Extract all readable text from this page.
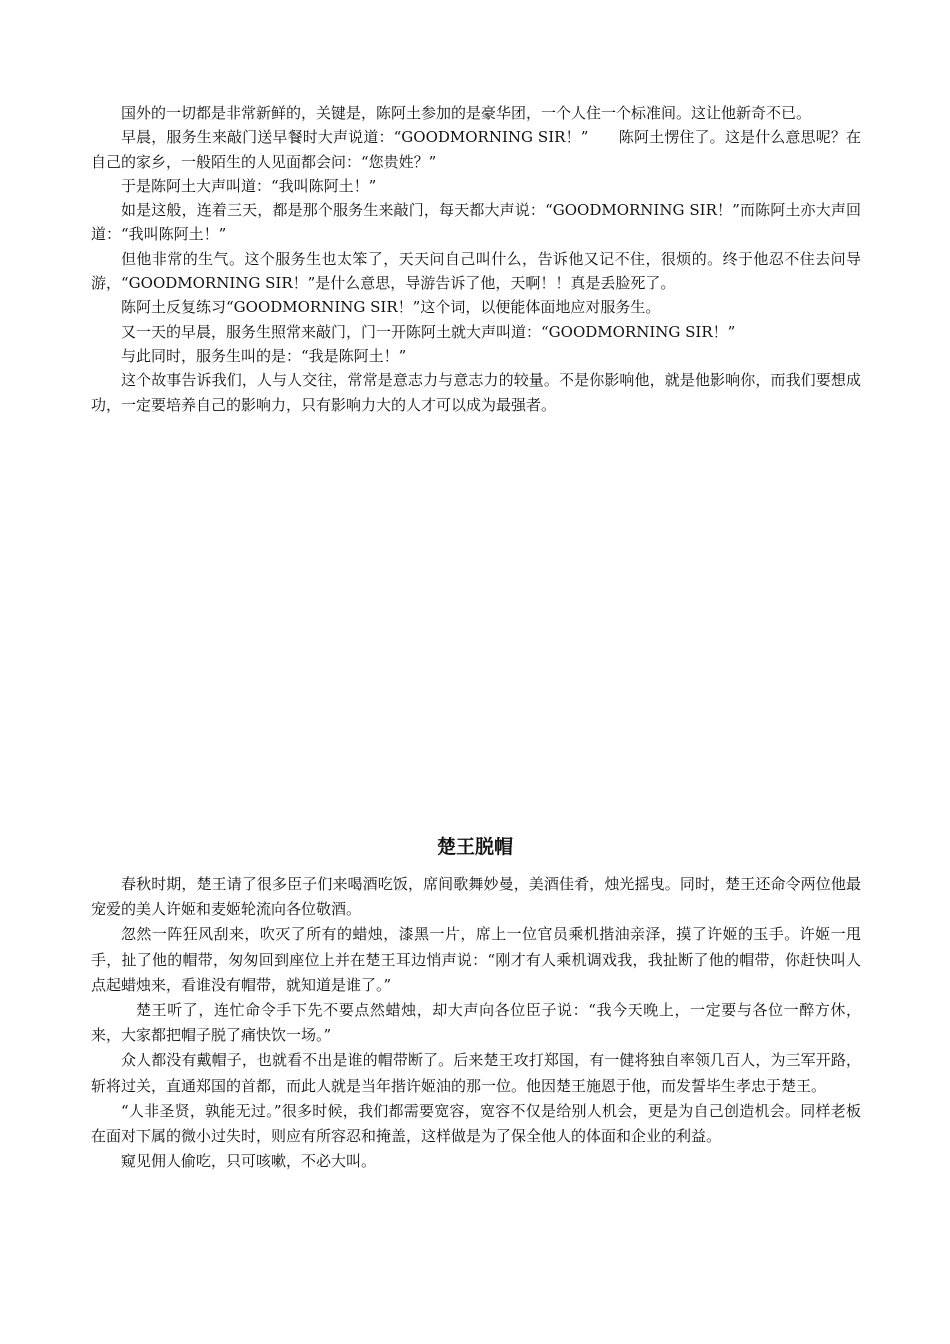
国外的一切都是非常新鲜的，关键是，陈阿土参加的是豪华团，一个人住一个标准间。这让他新奇不已。

早晨，服务生来敲门送早餐时大声说道：“GOODMORNING SIR！”　　陈阿土愣住了。这是什么意思呢？在自己的家乡，一般陌生的人见面都会问：“您贵姓？”

于是陈阿土大声叫道：“我叫陈阿土！”

如是这般，连着三天，都是那个服务生来敲门，每天都大声说：“GOODMORNING SIR！”而陈阿土亦大声回道：“我叫陈阿土！”

但他非常的生气。这个服务生也太笨了，天天问自己叫什么，告诉他又记不住，很烦的。终于他忍不住去问导游，“GOODMORNING SIR！”是什么意思，导游告诉了他，天啊！！真是丢脸死了。

陈阿土反复练习“GOODMORNING SIR！”这个词，以便能体面地应对服务生。

又一天的早晨，服务生照常来敲门，门一开陈阿土就大声叫道：“GOODMORNING SIR！”

与此同时，服务生叫的是：“我是陈阿土！”

这个故事告诉我们，人与人交往，常常是意志力与意志力的较量。不是你影响他，就是他影响你，而我们要想成功，一定要培养自己的影响力，只有影响力大的人才可以成为最强者。

楚王脱帽

春秋时期，楚王请了很多臣子们来喝酒吃饭，席间歌舞妙曼，美酒佳肴，烛光摇曳。同时，楚王还命令两位他最宠爱的美人许姬和麦姬轮流向各位敬酒。

忽然一阵狂风刮来，吹灭了所有的蜡烛，漆黑一片，席上一位官员乘机揩油亲泽，摸了许姬的玉手。许姬一甩手，扯了他的帽带，匆匆回到座位上并在楚王耳边悄声说：“刚才有人乘机调戏我，我扯断了他的帽带，你赶快叫人点起蜡烛来，看谁没有帽带，就知道是谁了。”

楚王听了，连忙命令手下先不要点然蜡烛，却大声向各位臣子说：“我今天晚上，一定要与各位一醉方休，来，大家都把帽子脱了痛快饮一场。”

众人都没有戴帽子，也就看不出是谁的帽带断了。后来楚王攻打郑国，有一健将独自率领几百人，为三军开路，斩将过关，直通郑国的首都，而此人就是当年揩许姬油的那一位。他因楚王施恩于他，而发誓毕生孝忠于楚王。

“人非圣贤，孰能无过。”很多时候，我们都需要宽容，宽容不仅是给别人机会，更是为自己创造机会。同样老板在面对下属的微小过失时，则应有所容忍和掩盖，这样做是为了保全他人的体面和企业的利益。

窥见佣人偷吃，只可咳嗽，不必大叫。
